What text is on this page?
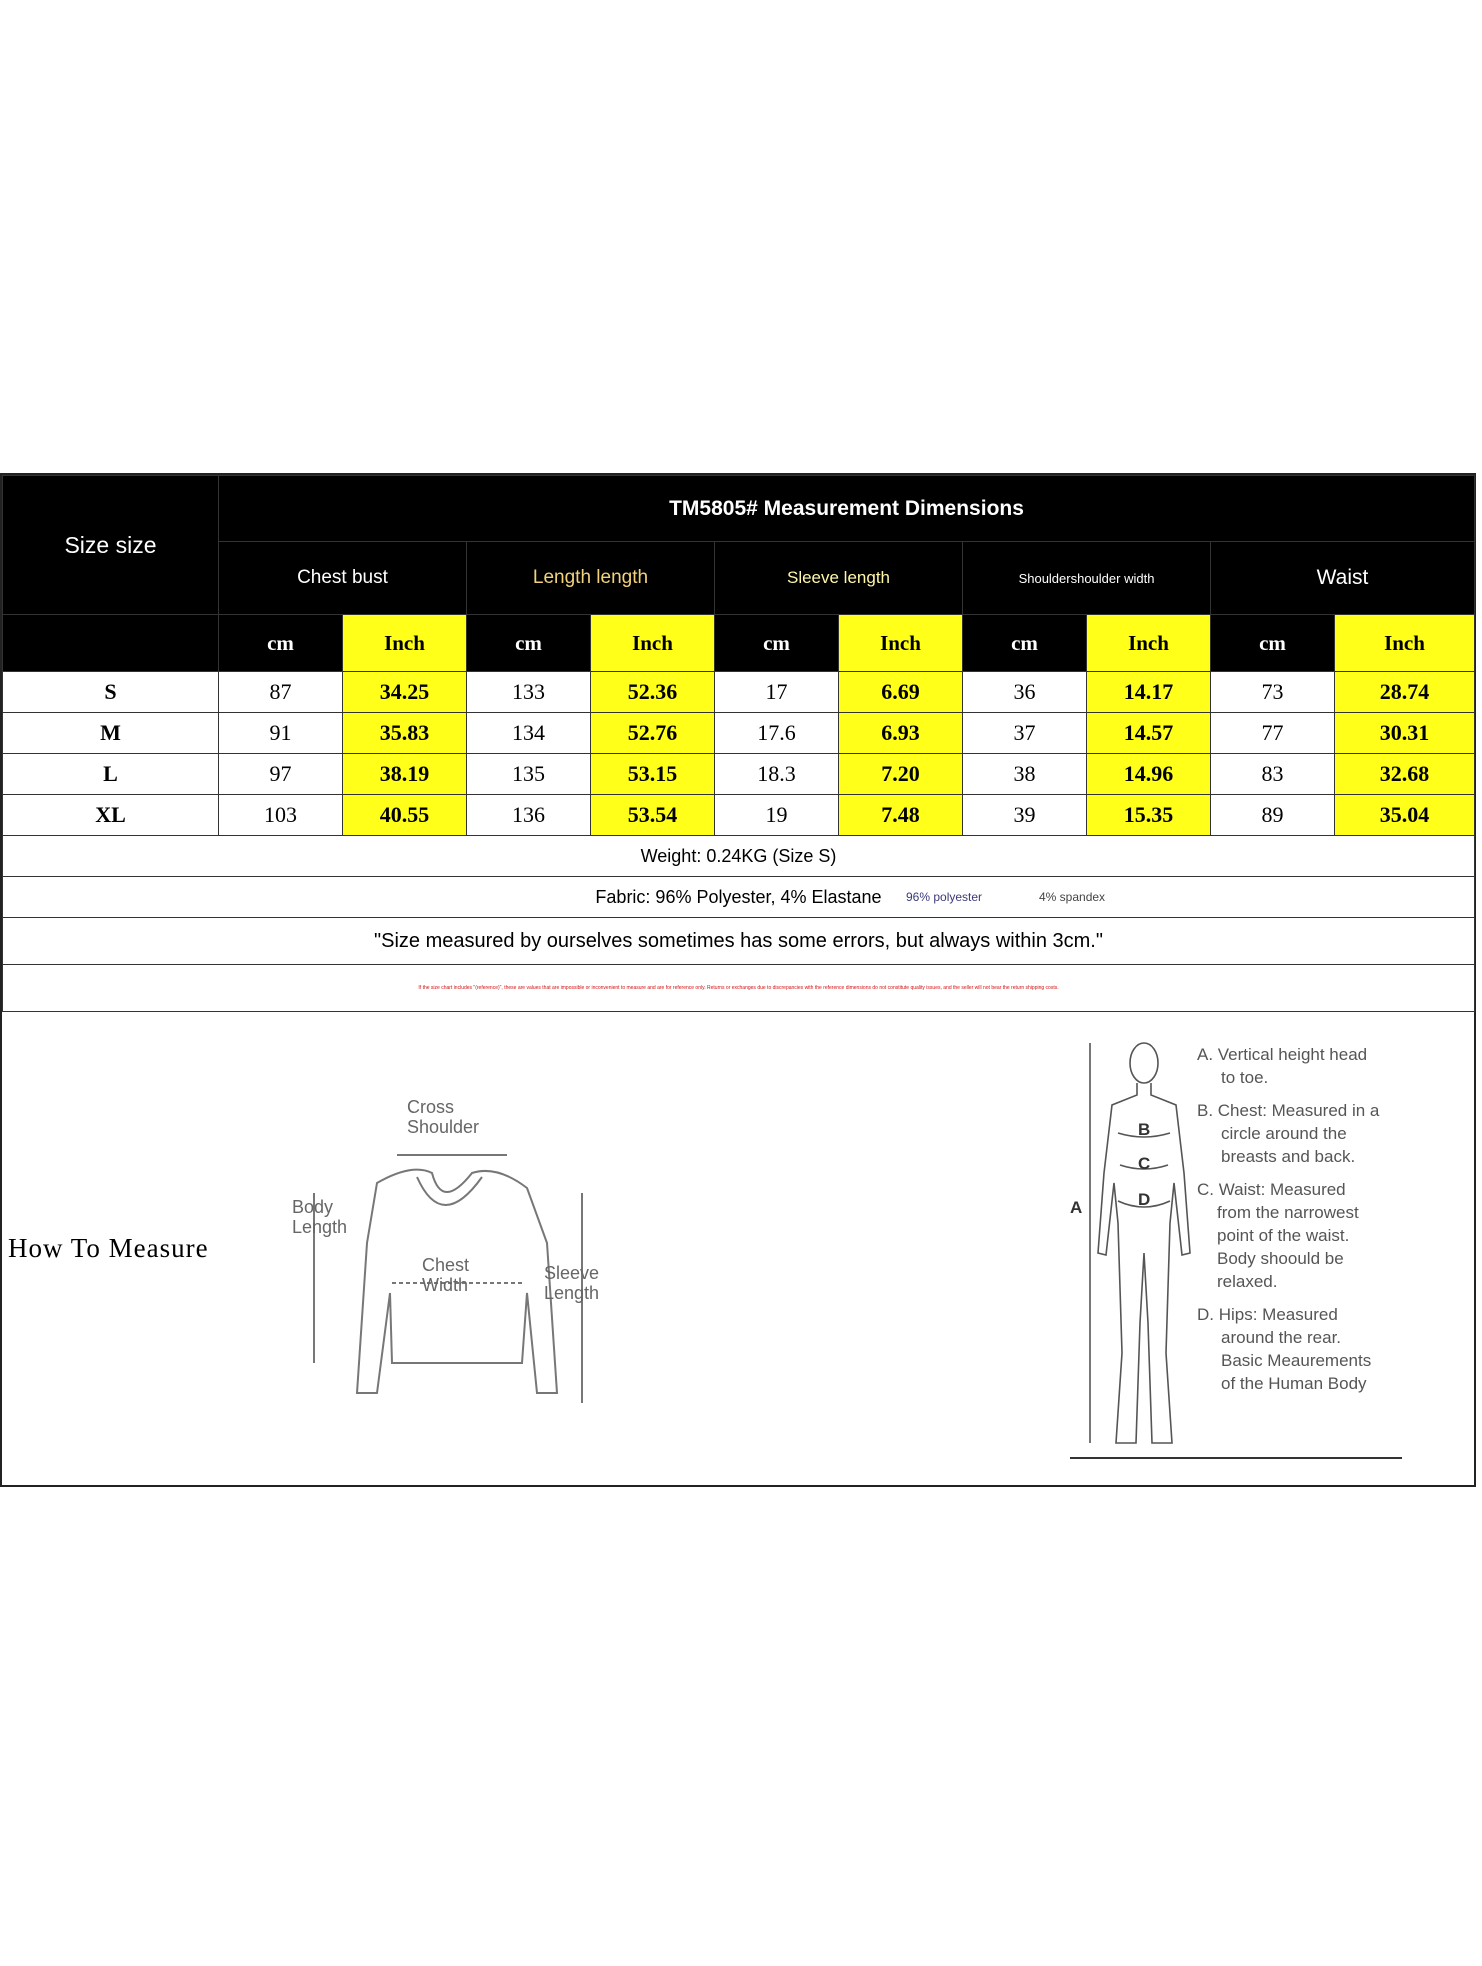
Size size	TM5805# Measurement Dimensions									
	Chest bust		Length length		Sleeve length		Shouldershoulder width		Waist	
	cm	Inch	cm	Inch	cm	Inch	cm	Inch	cm	Inch
S	87	34.25	133	52.36	17	6.69	36	14.17	73	28.74
M	91	35.83	134	52.76	17.6	6.93	37	14.57	77	30.31
L	97	38.19	135	53.15	18.3	7.20	38	14.96	83	32.68
XL	103	40.55	136	53.54	19	7.48	39	15.35	89	35.04
Weight: 0.24KG (Size S)										
Fabric: 96% Polyester, 4% Elastane 96% polyester 4% spandex										

"Size measured by ourselves sometimes has some errors, but always within 3cm."										
If the size chart includes "(reference)", these are values that are impossible or inconvenient to measure and are for reference only. Returns or exchanges due to discrepancies with the reference dimensions do not constitute quality issues, and the seller will not bear the return shipping costs.										
How To Measure
Cross
Shoulder
Body
Length
Chest
Width
Sleeve
Length
A
B
C
D

A. Vertical height head

to toe.

B. Chest: Measured in a

circle around the
breasts and back.

C. Waist: Measured

from the narrowest
point of the waist.
Body shoould be
relaxed.

D. Hips: Measured

around the rear.
Basic Meaurements
of the Human Body
